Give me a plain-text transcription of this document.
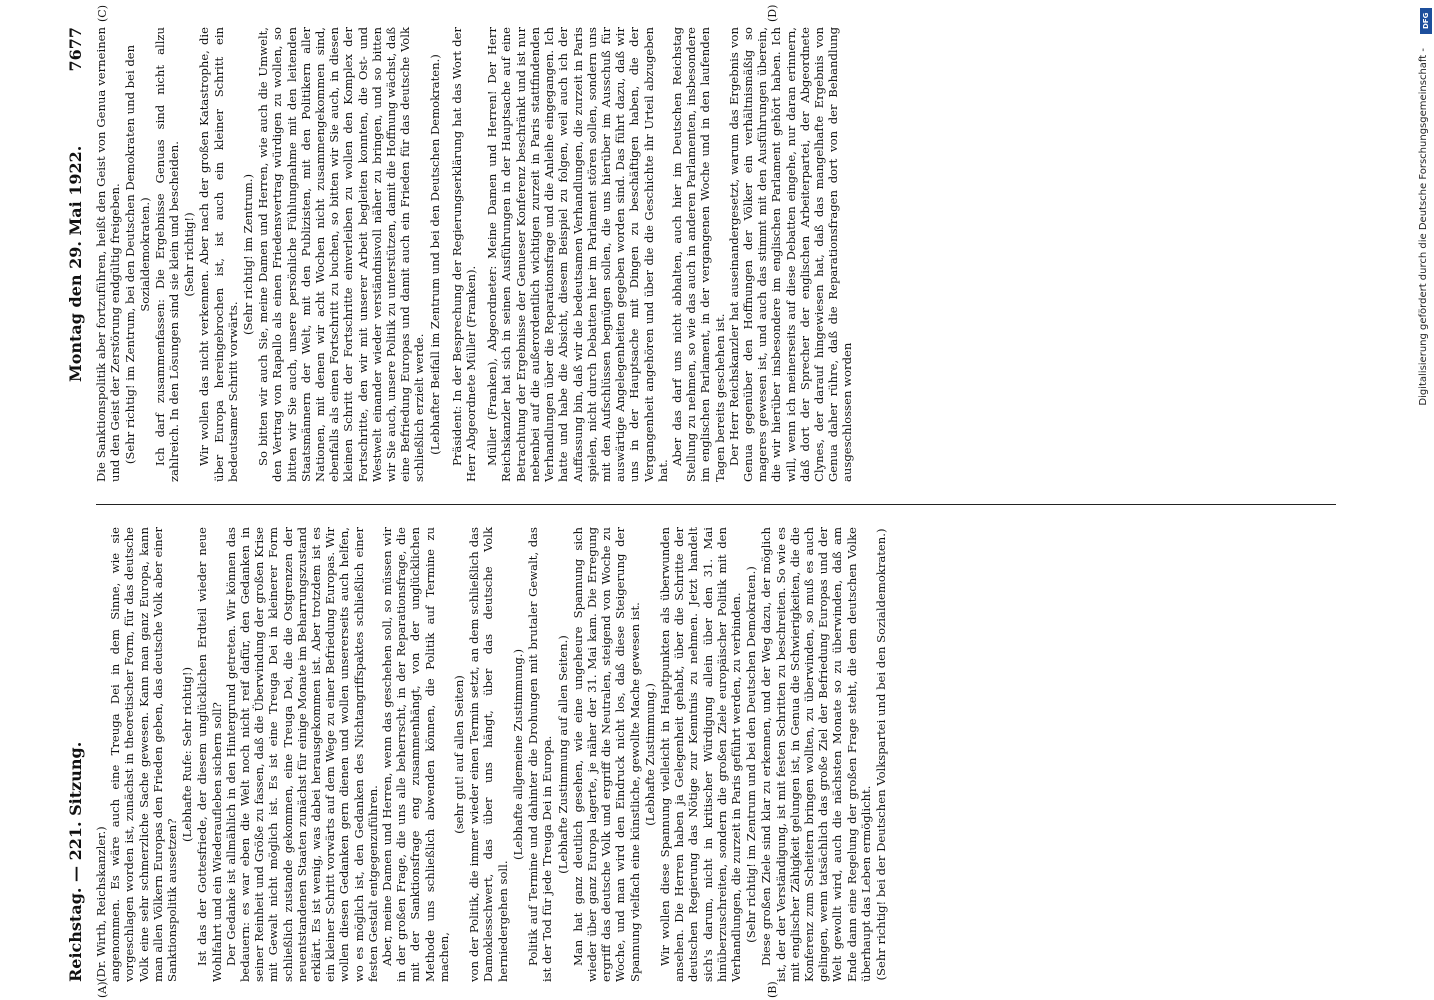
Reichstag. — 221. Sitzung.
Montag den 29. Mai 1922.
7677
(A)	(B)
(C)	(D)
(Dr. Wirth, Reichskanzler.) angenommen. Es wäre auch eine Treuga Dei in dem Sinne, wie sie vorgeschlagen worden ist, zunächst in theoretischer Form, für das deutsche Volk eine sehr schmerzliche Sache gewesen. Kann man ganz Europa, kann man allen Völkern Europas den Frieden geben, das deutsche Volk aber einer Sanktionspolitik aussetzen?
(Lebhafte Rufe: Sehr richtig!) Ist das der Gottesfriede, der diesem unglücklichen Erdteil wieder neue Wohlfahrt und ein Wiederaufleben sichern soll? Der Gedanke ist allmählich in den Hintergrund getreten. Wir können das bedauern: es war eben die Welt noch nicht reif dafür, den Gedanken in seiner Reinheit und Größe zu fassen, daß die Überwindung der großen Krise mit Gewalt nicht möglich ist. Es ist eine Treuga Dei in kleinerer Form schließlich zustande gekommen, eine Treuga Dei, die die Ostgrenzen der neuentstandenen Staaten zunächst für einige Monate im Beharrungszustand erklärt. Es ist wenig, was dabei herausgekommen ist. Aber trotzdem ist es ein kleiner Schritt vorwärts auf dem Wege zu einer Befriedung Europas. Wir wollen diesen Gedanken gern dienen und wollen unsererseits auch helfen, wo es möglich ist, den Gedanken des Nichtangriffspaktes schließlich einer festen Gestalt entgegenzuführen. Aber, meine Damen und Herren, wenn das geschehen soll, so müssen wir in der großen Frage, die uns alle beherrscht, in der Reparationsfrage, die mit der Sanktionsfrage eng zusammenhängt, von der unglücklichen Methode uns schließlich abwenden können, die Politik auf Termine zu machen,
(sehr gut! auf allen Seiten) von der Politik, die immer wieder einen Termin setzt, an dem schließlich das Damoklesschwert, das über uns hängt, über das deutsche Volk herniedergehen soll.
(Lebhafte allgemeine Zustimmung.) Politik auf Termine und dahinter die Drohungen mit brutaler Gewalt, das ist der Tod für jede Treuga Dei in Europa. (Lebhafte Zustimmung auf allen Seiten.) Man hat ganz deutlich gesehen, wie eine ungeheure Spannung sich wieder über ganz Europa lagerte, je näher der 31. Mai kam. Die Erregung ergriff das deutsche Volk und ergriff die Neutralen, steigend von Woche zu Woche, und man wird den Eindruck nicht los, daß diese Steigerung der Spannung vielfach eine künstliche, gewollte Mache gewesen ist. (Lebhafte Zustimmung.) Wir wollen diese Spannung vielleicht in Hauptpunkten als überwunden ansehen. Die Herren haben ja Gelegenheit gehabt, über die Schritte der deutschen Regierung das Nötige zur Kenntnis zu nehmen. Jetzt handelt sich's darum, nicht in kritischer Würdigung allein über den 31. Mai hinüberzuschreiten, sondern die großen Ziele europäischer Politik mit den Verhandlungen, die zurzeit in Paris geführt werden, zu verbinden. (Sehr richtig! im Zentrum und bei den Deutschen Demokraten.) Diese großen Ziele sind klar zu erkennen, und der Weg dazu, der möglich ist, der der Verständigung, ist mit festen Schritten zu beschreiten. So wie es mit englischer Zähigkeit gelungen ist, in Genua die Schwierigkeiten, die die Konferenz zum Scheitern bringen wollten, zu überwinden, so muß es auch gelingen, wenn tatsächlich das große Ziel der Befriedung Europas und der Welt gewollt wird, auch die nächsten Monate so zu überwinden, daß am Ende dann eine Regelung der großen Frage steht, die dem deutschen Volke überhaupt das Leben ermöglicht. (Sehr richtig! bei der Deutschen Volkspartei und bei den Sozialdemokraten.)
Die Sanktionspolitik aber fortzuführen, heißt den Geist von Genua verneinen und den Geist der Zerstörung endgültig freigeben. (Sehr richtig! im Zentrum, bei den Deutschen Demokraten und bei den Sozialdemokraten.) Ich darf zusammenfassen: Die Ergebnisse Genuas sind nicht allzu zahlreich. In den Lösungen sind sie klein und bescheiden. (Sehr richtig!) Wir wollen das nicht verkennen. Aber nach der großen Katastrophe, die über Europa hereingebrochen ist, ist auch ein kleiner Schritt ein bedeutsamer Schritt vorwärts.
(Sehr richtig! im Zentrum.) So bitten wir auch Sie, meine Damen und Herren, wie auch die Umwelt, den Vertrag von Rapallo als einen Friedensvertrag würdigen zu wollen, so bitten wir Sie auch, unsere persönliche Fühlungnahme mit den leitenden Staatsmännern der Welt, mit den Publizisten, mit den Politikern aller Nationen, mit denen wir acht Wochen nicht zusammengekommen sind, ebenfalls als einen Fortschritt zu buchen, so bitten wir Sie auch, in diesen kleinen Schritt der Fortschritte einverleiben zu wollen den Komplex der Fortschritte, den wir mit unserer Arbeit begleiten konnten, die Ost- und Westwelt einander wieder verständnisvoll näher zu bringen, und so bitten wir Sie auch, unsere Politik zu unterstützen, damit die Hoffnung wächst, daß eine Befriedung Europas und damit auch ein Frieden für das deutsche Volk schließlich erzielt werde. (Lebhafter Beifall im Zentrum und bei den Deutschen Demokraten.) Präsident: In der Besprechung der Regierungserklärung hat das Wort der Herr Abgeordnete Müller (Franken). Müller (Franken), Abgeordneter: Meine Damen und Herren! Der Herr Reichskanzler hat sich in seinen Ausführungen in der Hauptsache auf eine Betrachtung der Ergebnisse der Genueser Konferenz beschränkt und ist nur nebenbei auf die außerordentlich wichtigen zurzeit in Paris stattfindenden Verhandlungen über die Reparationsfrage und die Anleihe eingegangen. Ich hatte und habe die Absicht, diesem Beispiel zu folgen, weil auch ich der Auffassung bin, daß wir die bedeutsamen Verhandlungen, die zurzeit in Paris spielen, nicht durch Debatten hier im Parlament stören sollen, sondern uns mit den Aufschlüssen begnügen sollen, die uns hierüber im Ausschuß für auswärtige Angelegenheiten gegeben worden sind. Das führt dazu, daß wir uns in der Hauptsache mit Dingen zu beschäftigen haben, die der Vergangenheit angehören und über die die Geschichte ihr Urteil abzugeben hat.
Aber das darf uns nicht abhalten, auch hier im Deutschen Reichstag Stellung zu nehmen, so wie das auch in anderen Parlamenten, insbesondere im englischen Parlament, in der vergangenen Woche und in den laufenden Tagen bereits geschehen ist. Der Herr Reichskanzler hat auseinandergesetzt, warum das Ergebnis von Genua gegenüber den Hoffnungen der Völker ein verhältnismäßig so mageres gewesen ist, und auch das stimmt mit den Ausführungen überein, die wir hierüber insbesondere im englischen Parlament gehört haben. Ich will, wenn ich meinerseits auf diese Debatten eingehe, nur daran erinnern, daß dort der Sprecher der englischen Arbeiterpartei, der Abgeordnete Clynes, der darauf hingewiesen hat, daß das mangelhafte Ergebnis von Genua daher rühre, daß die Reparationsfragen dort von der Behandlung ausgeschlossen worden
DFG
Digitalisierung gefördert durch die Deutsche Forschungsgemeinschaft -
